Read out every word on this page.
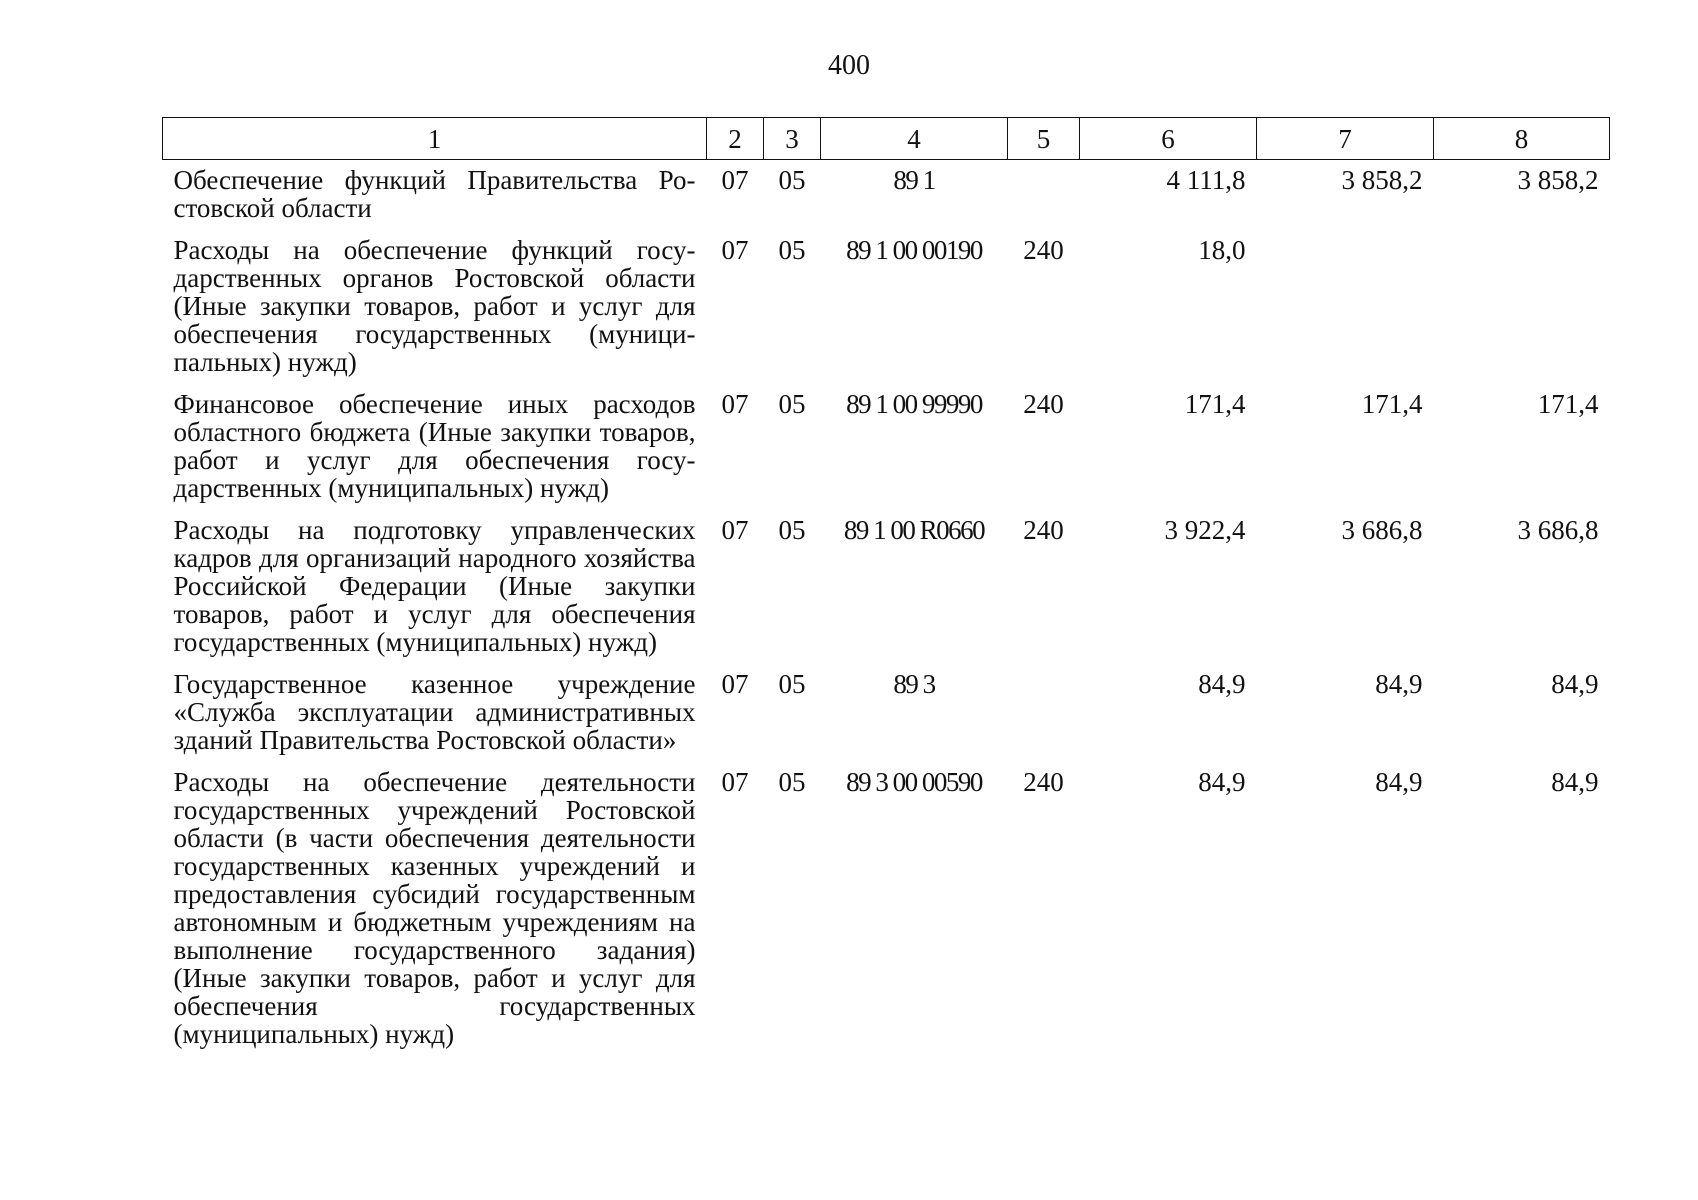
400
1	2	3	4	5	6	7	8
Обеспечение функций Правительства Ростовской области	07	05	89 1		4 111,8	3 858,2	3 858,2
Расходы на обеспечение функций государственных органов Ростовской области (Иные закупки товаров, работ и услуг для обеспечения государственных (муниципальных) нужд)	07	05	89 1 00 00190	240	18,0		
Финансовое обеспечение иных расходов областного бюджета (Иные закупки товаров, работ и услуг для обеспечения государственных (муниципальных) нужд)	07	05	89 1 00 99990	240	171,4	171,4	171,4
Расходы на подготовку управленческих кадров для организаций народного хозяйства Российской Федерации (Иные закупки товаров, работ и услуг для обеспечения государственных (муниципальных) нужд)	07	05	89 1 00 R0660	240	3 922,4	3 686,8	3 686,8
Государственное казенное учреждение «Служба эксплуатации административных зданий Правительства Ростовской области»	07	05	89 3		84,9	84,9	84,9
Расходы на обеспечение деятельности государственных учреждений Ростовской области (в части обеспечения деятельности государственных казенных учреждений и предоставления субсидий государственным автономным и бюджетным учреждениям на выполнение государственного задания) (Иные закупки товаров, работ и услуг для обеспечения государственных (муниципальных) нужд)	07	05	89 3 00 00590	240	84,9	84,9	84,9
